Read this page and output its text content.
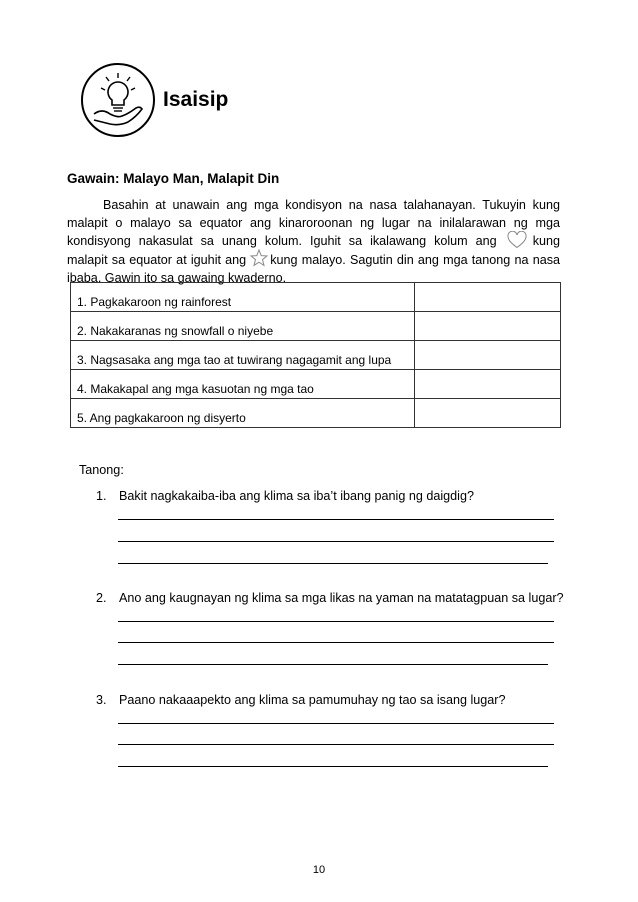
Isaisip
Gawain: Malayo Man, Malapit Din
Basahin at unawain ang mga kondisyon na nasa talahanayan. Tukuyin kung malapit o malayo sa equator ang kinaroroonan ng lugar na inilalarawan ng mga kondisyong nakasulat sa unang kolum. Iguhit sa ikalawang kolum ang	kung malapit sa equator at iguhit ang kung malayo. Sagutin din ang mga tanong na nasa ibaba. Gawin ito sa gawaing kwaderno.
1. Pagkakaroon ng rainforest	
2. Nakakaranas ng snowfall o niyebe	
3. Nagsasaka ang mga tao at tuwirang nagagamit ang lupa	
4. Makakapal ang mga kasuotan ng mga tao	
5. Ang pagkakaroon ng disyerto	
Tanong:
1. Bakit nagkakaiba-iba ang klima sa iba’t ibang panig ng daigdig?
2. Ano ang kaugnayan ng klima sa mga likas na yaman na matatagpuan sa lugar?
3. Paano nakaaapekto ang klima sa pamumuhay ng tao sa isang lugar?
10
